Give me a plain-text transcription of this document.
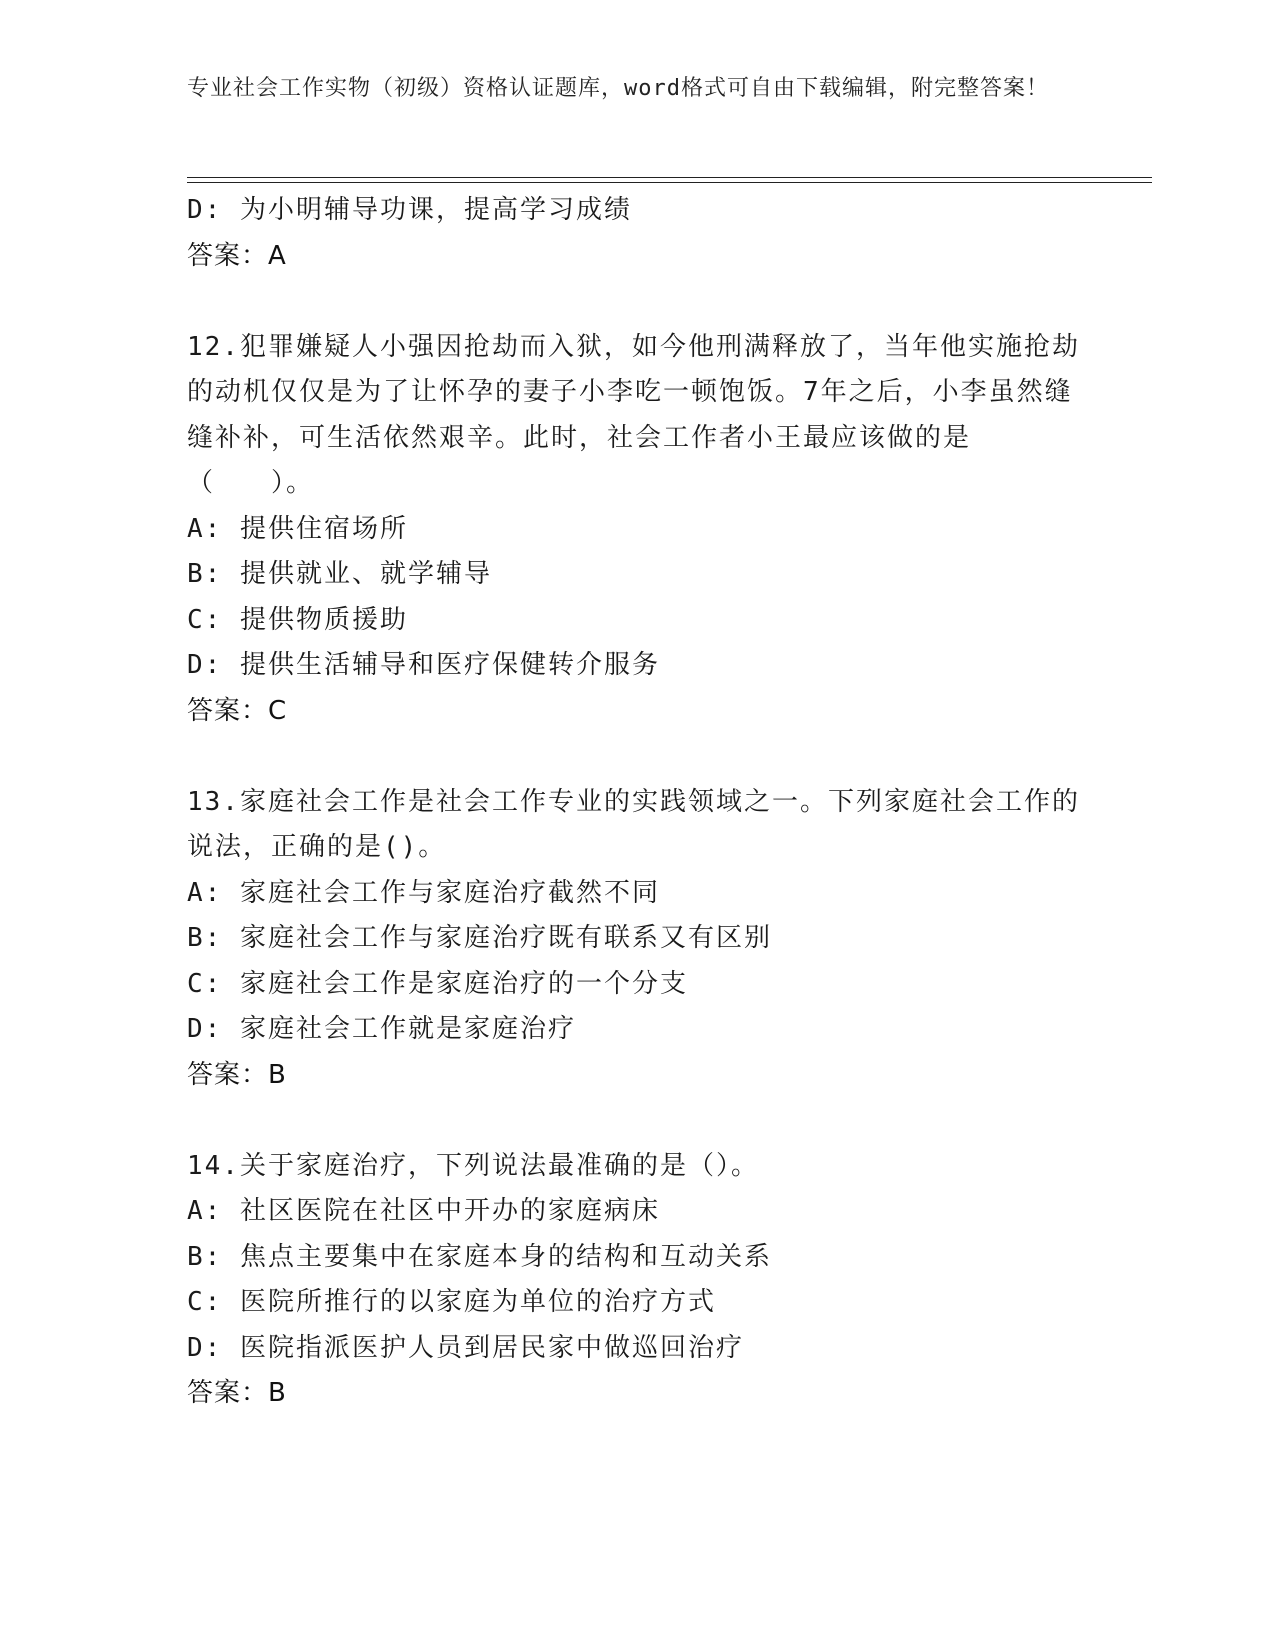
专业社会工作实物（初级）资格认证题库，word格式可自由下载编辑，附完整答案！
D: 为小明辅导功课，提高学习成绩
答案：A
12.犯罪嫌疑人小强因抢劫而入狱，如今他刑满释放了，当年他实施抢劫的动机仅仅是为了让怀孕的妻子小李吃一顿饱饭。7年之后，小李虽然缝缝补补，可生活依然艰辛。此时，社会工作者小王最应该做的是（　　）。
A: 提供住宿场所
B: 提供就业、就学辅导
C: 提供物质援助
D: 提供生活辅导和医疗保健转介服务
答案：C
13.家庭社会工作是社会工作专业的实践领域之一。下列家庭社会工作的说法，正确的是()。
A: 家庭社会工作与家庭治疗截然不同
B: 家庭社会工作与家庭治疗既有联系又有区别
C: 家庭社会工作是家庭治疗的一个分支
D: 家庭社会工作就是家庭治疗
答案：B
14.关于家庭治疗，下列说法最准确的是（）。
A: 社区医院在社区中开办的家庭病床
B: 焦点主要集中在家庭本身的结构和互动关系
C: 医院所推行的以家庭为单位的治疗方式
D: 医院指派医护人员到居民家中做巡回治疗
答案：B
